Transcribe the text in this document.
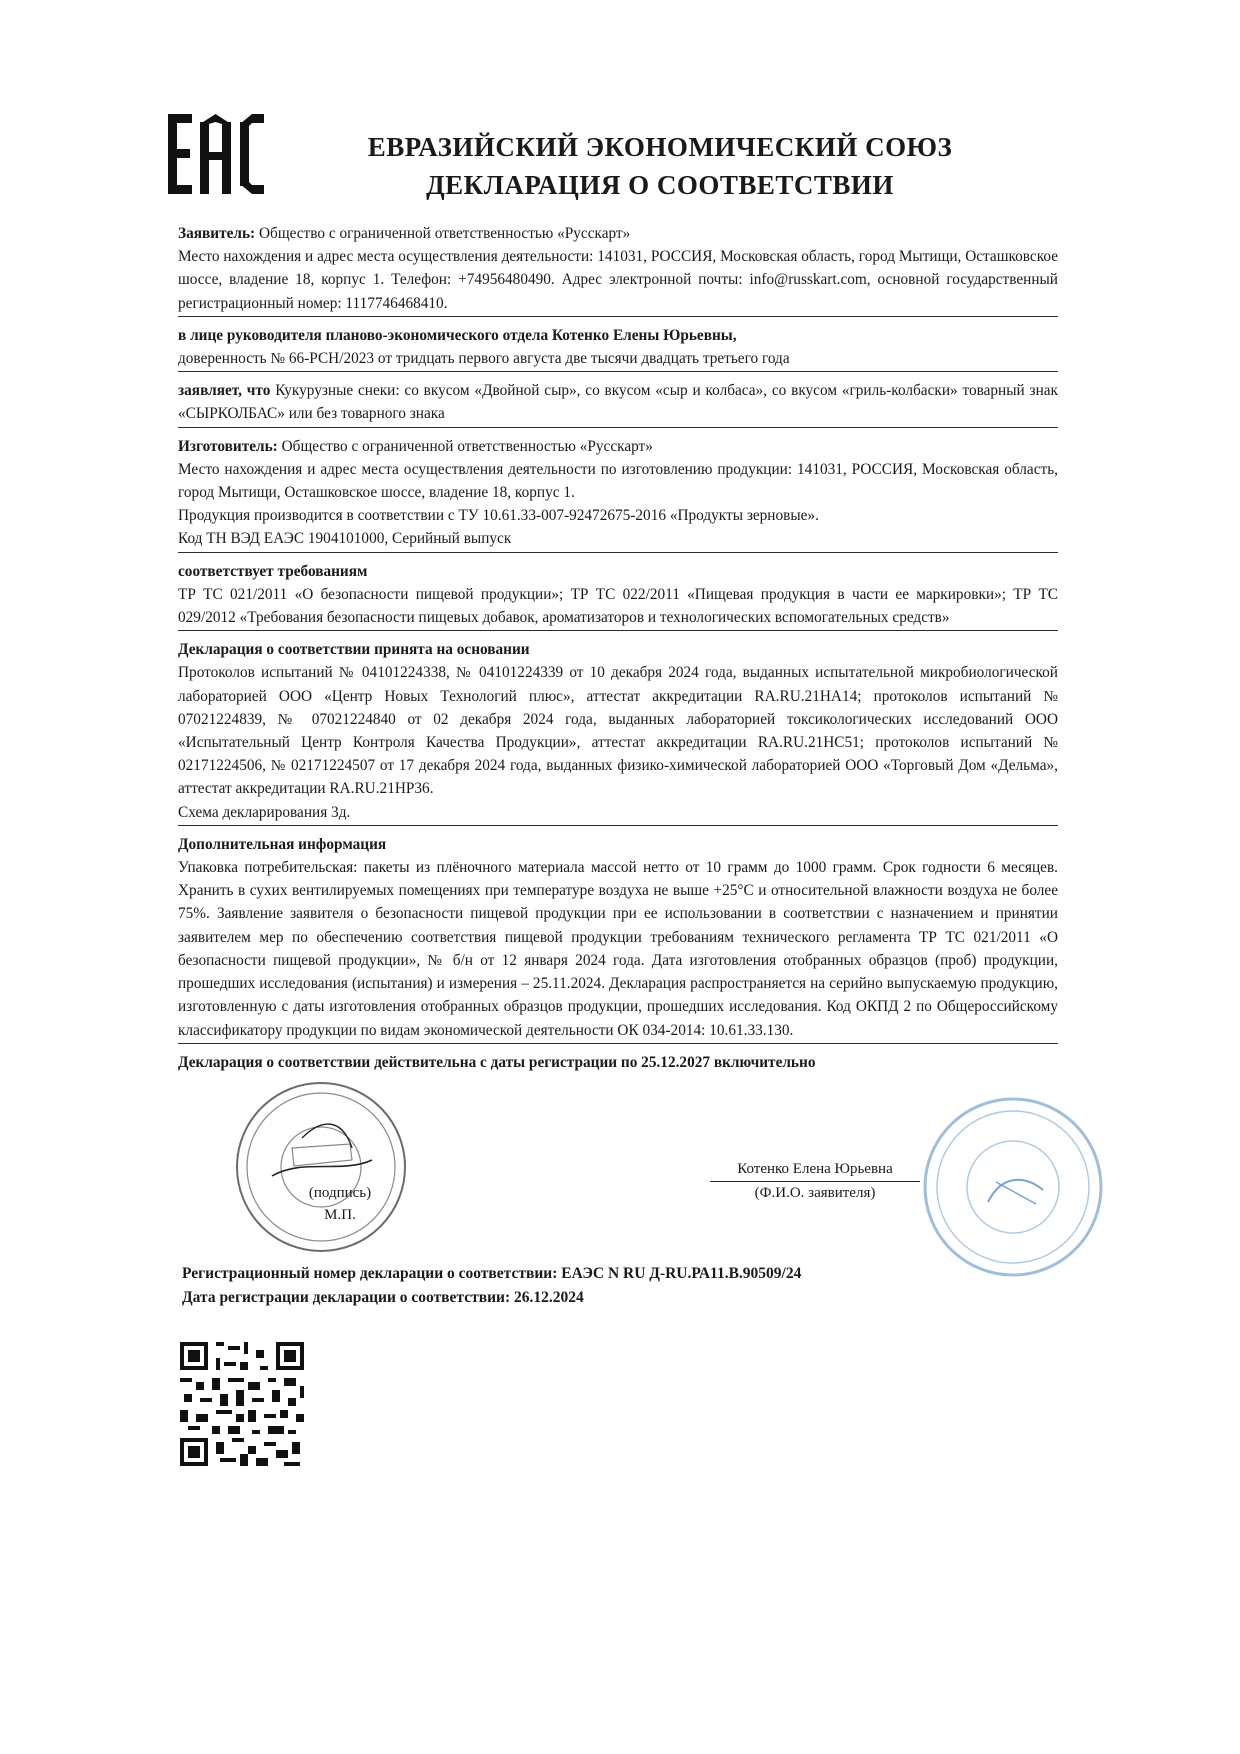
ЕВРАЗИЙСКИЙ ЭКОНОМИЧЕСКИЙ СОЮЗ
ДЕКЛАРАЦИЯ О СООТВЕТСТВИИ

Заявитель: Общество с ограниченной ответственностью «Русскарт»

Место нахождения и адрес места осуществления деятельности: 141031, РОССИЯ, Московская область, город Мытищи, Осташковское шоссе, владение 18, корпус 1. Телефон: +74956480490. Адрес электронной почты: info@russkart.com, основной государственный регистрационный номер: 1117746468410.

в лице руководителя планово-экономического отдела Котенко Елены Юрьевны,

доверенность № 66-РСН/2023 от тридцать первого августа две тысячи двадцать третьего года

заявляет, что Кукурузные снеки: со вкусом «Двойной сыр», со вкусом «сыр и колбаса», со вкусом «гриль-колбаски» товарный знак «СЫРКОЛБАС» или без товарного знака

Изготовитель: Общество с ограниченной ответственностью «Русскарт»

Место нахождения и адрес места осуществления деятельности по изготовлению продукции: 141031, РОССИЯ, Московская область, город Мытищи, Осташковское шоссе, владение 18, корпус 1.

Продукция производится в соответствии с ТУ 10.61.33-007-92472675-2016 «Продукты зерновые».

Код ТН ВЭД ЕАЭС 1904101000, Серийный выпуск

соответствует требованиям

ТР ТС 021/2011 «О безопасности пищевой продукции»; ТР ТС 022/2011 «Пищевая продукция в части ее маркировки»; ТР ТС 029/2012 «Требования безопасности пищевых добавок, ароматизаторов и технологических вспомогательных средств»

Декларация о соответствии принята на основании

Протоколов испытаний № 04101224338, № 04101224339 от 10 декабря 2024 года, выданных испытательной микробиологической лабораторией ООО «Центр Новых Технологий плюс», аттестат аккредитации RA.RU.21HA14; протоколов испытаний № 07021224839, № 07021224840 от 02 декабря 2024 года, выданных лабораторией токсикологических исследований ООО «Испытательный Центр Контроля Качества Продукции», аттестат аккредитации RA.RU.21HC51; протоколов испытаний № 02171224506, № 02171224507 от 17 декабря 2024 года, выданных физико-химической лабораторией ООО «Торговый Дом «Дельма», аттестат аккредитации RA.RU.21HP36.

Схема декларирования 3д.

Дополнительная информация

Упаковка потребительская: пакеты из плёночного материала массой нетто от 10 грамм до 1000 грамм. Срок годности 6 месяцев. Хранить в сухих вентилируемых помещениях при температуре воздуха не выше +25°C и относительной влажности воздуха не более 75%. Заявление заявителя о безопасности пищевой продукции при ее использовании в соответствии с назначением и принятии заявителем мер по обеспечению соответствия пищевой продукции требованиям технического регламента ТР ТС 021/2011 «О безопасности пищевой продукции», № б/н от 12 января 2024 года. Дата изготовления отобранных образцов (проб) продукции, прошедших исследования (испытания) и измерения – 25.11.2024. Декларация распространяется на серийно выпускаемую продукцию, изготовленную с даты изготовления отобранных образцов продукции, прошедших исследования. Код ОКПД 2 по Общероссийскому классификатору продукции по видам экономической деятельности ОК 034-2014: 10.61.33.130.

Декларация о соответствии действительна с даты регистрации по 25.12.2027 включительно
(подпись)
М.П.
Котенко Елена Юрьевна
(Ф.И.О. заявителя)
Регистрационный номер декларации о соответствии: ЕАЭС N RU Д-RU.РА11.В.90509/24
Дата регистрации декларации о соответствии: 26.12.2024
